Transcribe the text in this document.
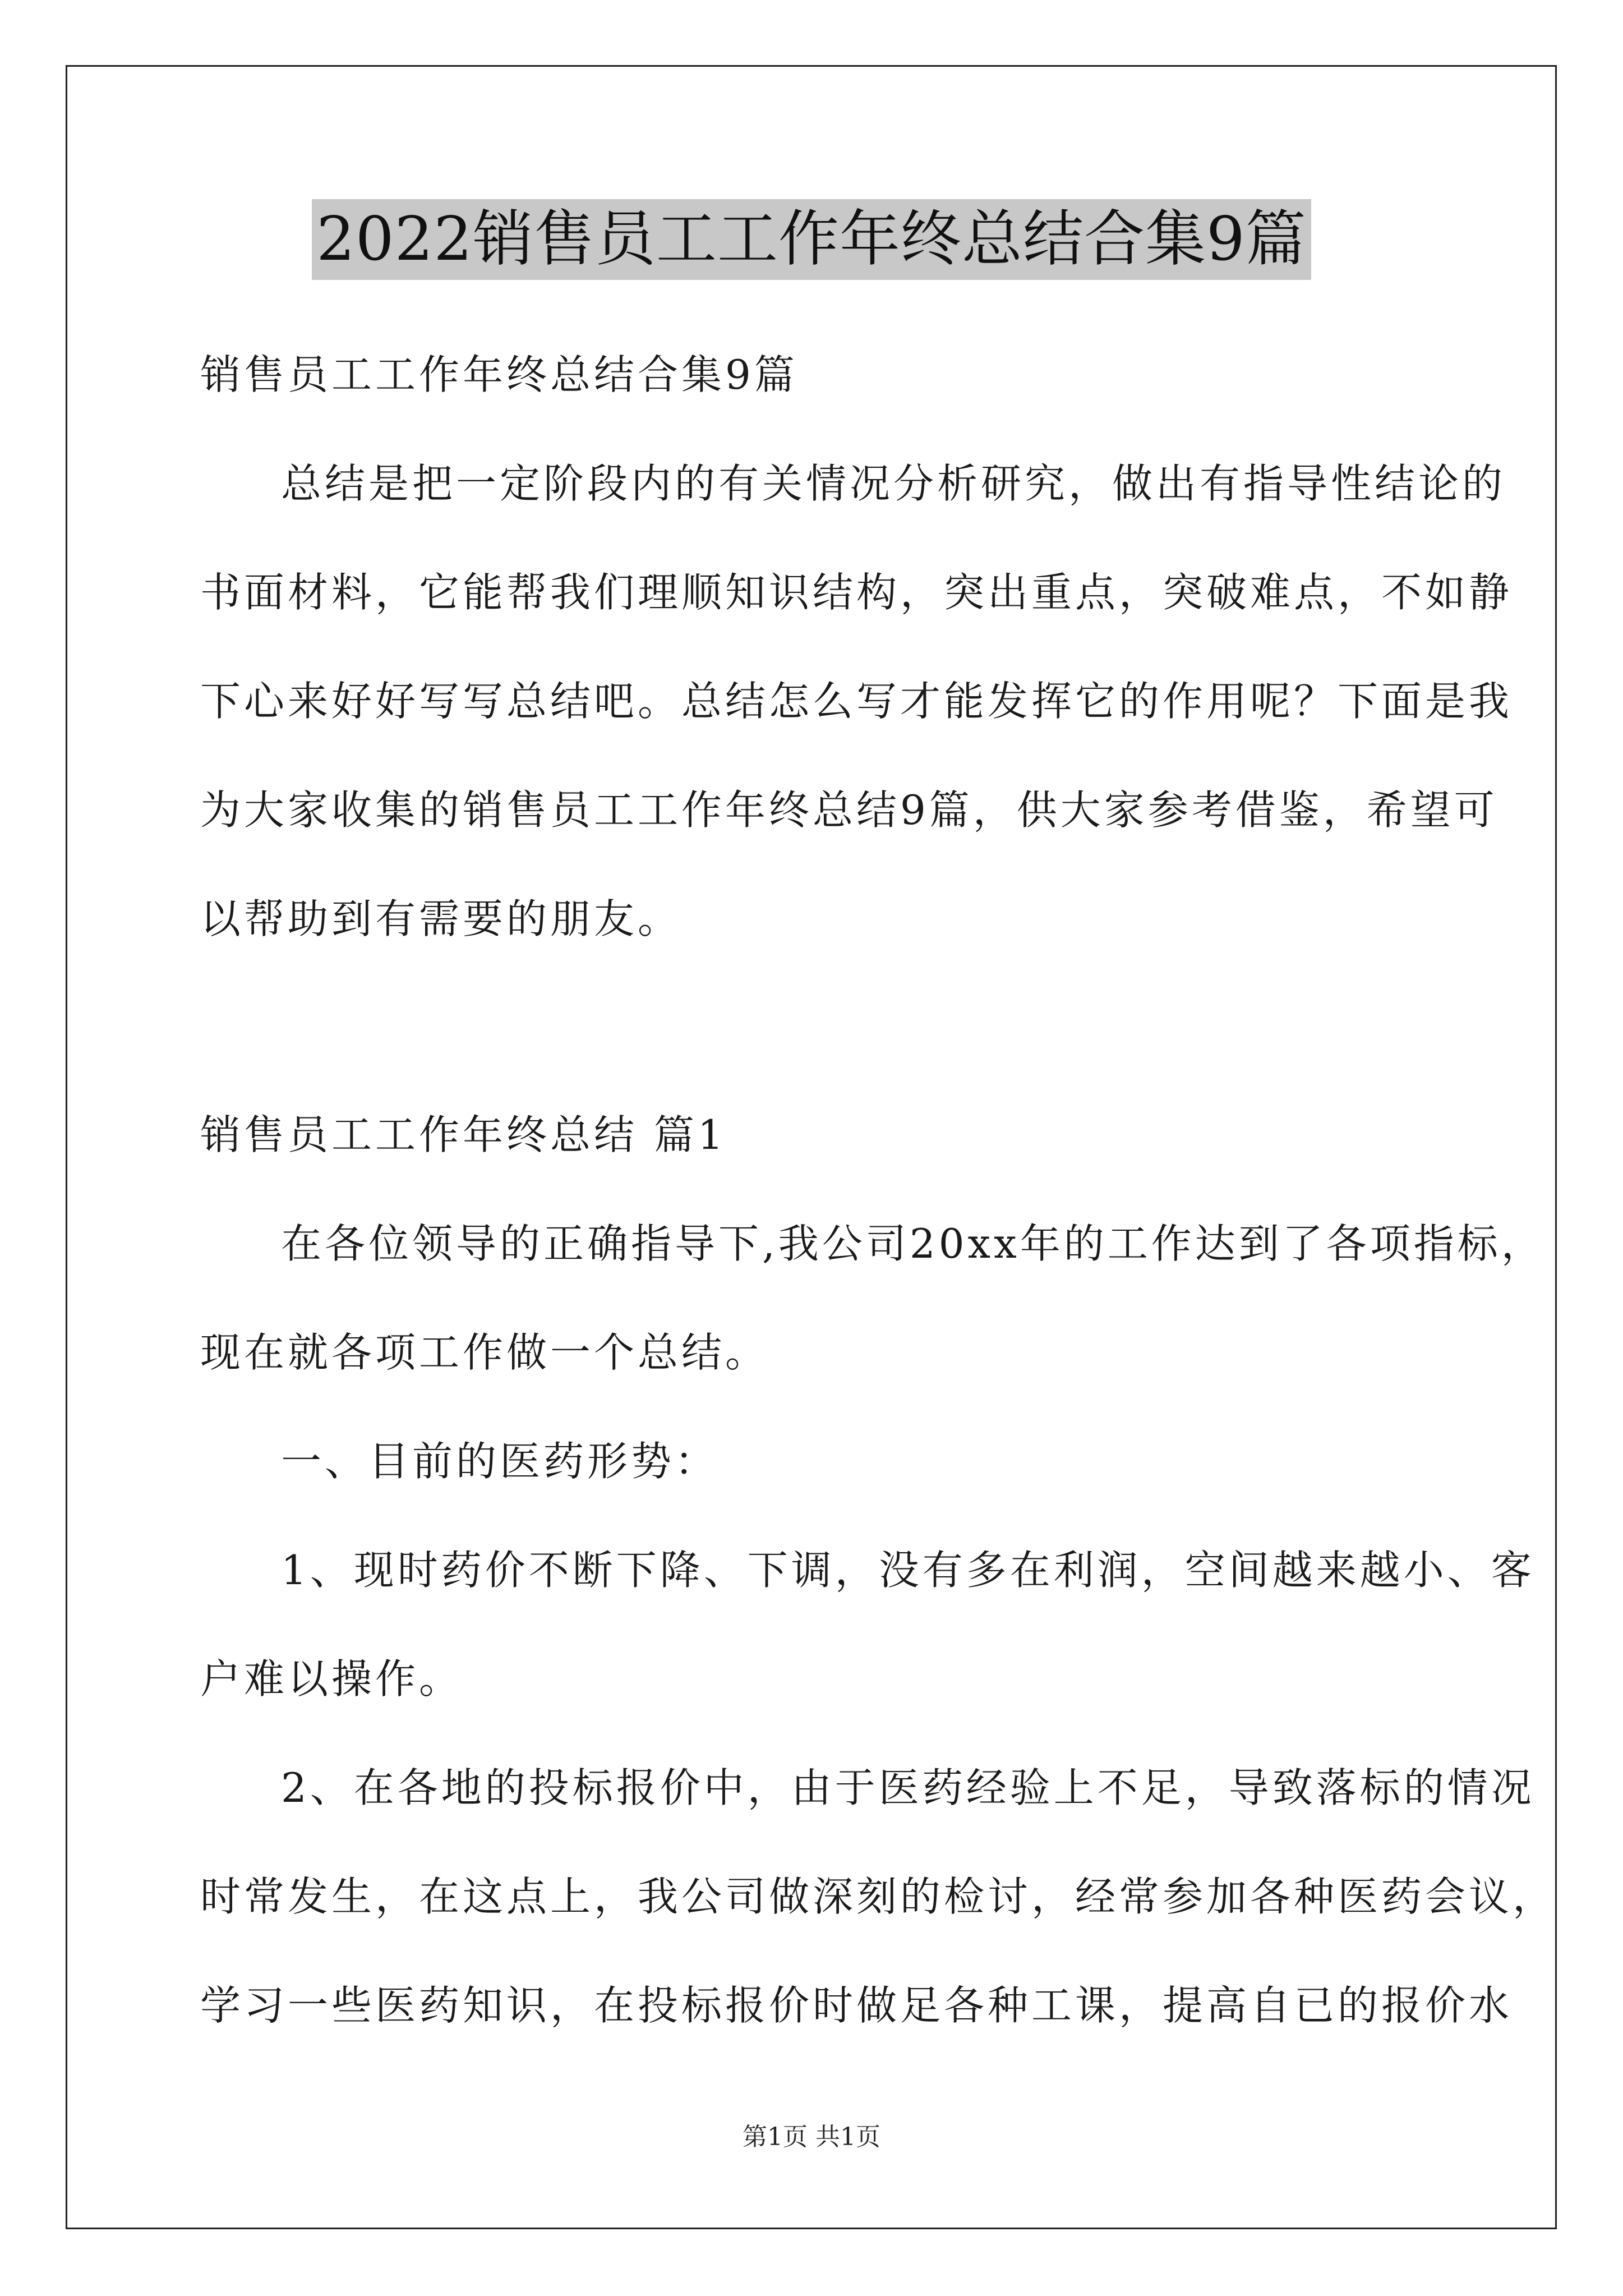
2022销售员工工作年终总结合集9篇
销售员工工作年终总结合集9篇
总结是把一定阶段内的有关情况分析研究，做出有指导性结论的
书面材料，它能帮我们理顺知识结构，突出重点，突破难点，不如静
下心来好好写写总结吧。总结怎么写才能发挥它的作用呢？下面是我
为大家收集的销售员工工作年终总结9篇，供大家参考借鉴，希望可
以帮助到有需要的朋友。
销售员工工作年终总结 篇1
在各位领导的正确指导下,我公司20xx年的工作达到了各项指标，
现在就各项工作做一个总结。
一、目前的医药形势：
1、现时药价不断下降、下调，没有多在利润，空间越来越小、客
户难以操作。
2、在各地的投标报价中，由于医药经验上不足，导致落标的情况
时常发生，在这点上，我公司做深刻的检讨，经常参加各种医药会议，
学习一些医药知识，在投标报价时做足各种工课，提高自已的报价水
第1页 共1页
